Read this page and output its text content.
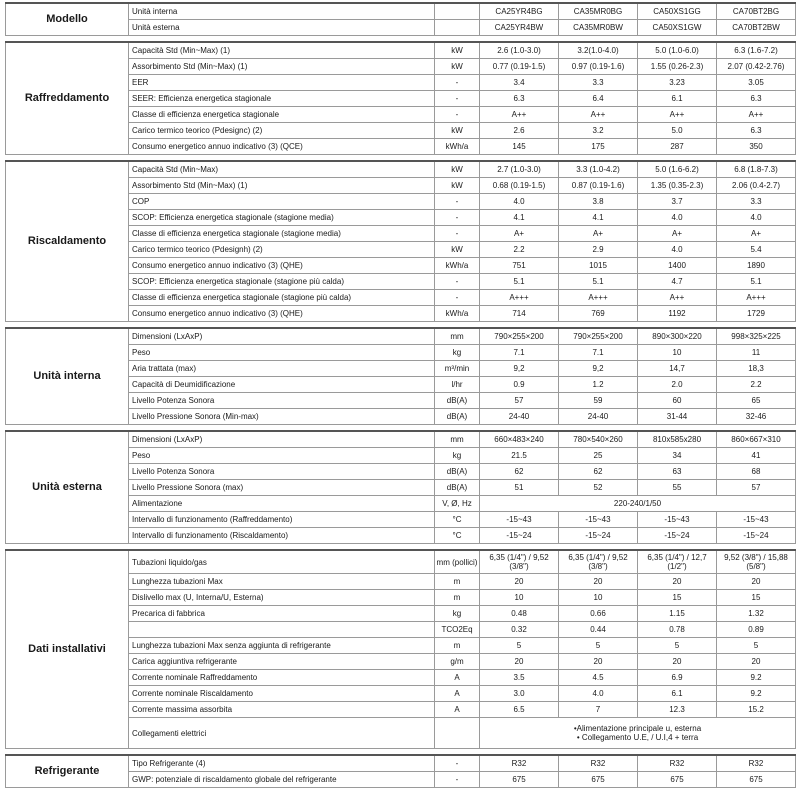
Modello	Unità interna		CA25YR4BG	CA35MR0BG	CA50XS1GG	CA70BT2BG
	Unità esterna		CA25YR4BW	CA35MR0BW	CA50XS1GW	CA70BT2BW

Raffreddamento	Capacità Std (Min~Max) (1)	kW	2.6 (1.0-3.0)	3.2(1.0-4.0)	5.0 (1.0-6.0)	6.3 (1.6-7.2)
	Assorbimento Std (Min~Max) (1)	kW	0.77 (0.19-1.5)	0.97 (0.19-1.6)	1.55 (0.26-2.3)	2.07 (0.42-2.76)
	EER	-	3.4	3.3	3.23	3.05
	SEER: Efficienza energetica stagionale	-	6.3	6.4	6.1	6.3
	Classe di efficienza energetica stagionale	-	A++	A++	A++	A++
	Carico termico teorico (Pdesignc) (2)	kW	2.6	3.2	5.0	6.3
	Consumo energetico annuo indicativo (3) (QCE)	kWh/a	145	175	287	350

Riscaldamento	Capacità Std (Min~Max)	kW	2.7 (1.0-3.0)	3.3 (1.0-4.2)	5.0 (1.6-6.2)	6.8 (1.8-7.3)
	Assorbimento Std (Min~Max) (1)	kW	0.68 (0.19-1.5)	0.87 (0.19-1.6)	1.35 (0.35-2.3)	2.06 (0.4-2.7)
	COP	-	4.0	3.8	3.7	3.3
	SCOP: Efficienza energetica stagionale (stagione media)	-	4.1	4.1	4.0	4.0
	Classe di efficienza energetica stagionale (stagione media)	-	A+	A+	A+	A+
	Carico termico teorico (Pdesignh) (2)	kW	2.2	2.9	4.0	5.4
	Consumo energetico annuo indicativo (3) (QHE)	kWh/a	751	1015	1400	1890
	SCOP: Efficienza energetica stagionale (stagione più calda)	-	5.1	5.1	4.7	5.1
	Classe di efficienza energetica stagionale (stagione più calda)	-	A+++	A+++	A++	A+++
	Consumo energetico annuo indicativo (3) (QHE)	kWh/a	714	769	1192	1729

Unità interna	Dimensioni (LxAxP)	mm	790×255×200	790×255×200	890×300×220	998×325×225
	Peso	kg	7.1	7.1	10	11
	Aria trattata (max)	m³/min	9,2	9,2	14,7	18,3
	Capacità di Deumidificazione	l/hr	0.9	1.2	2.0	2.2
	Livello Potenza Sonora	dB(A)	57	59	60	65
	Livello Pressione Sonora (Min-max)	dB(A)	24-40	24-40	31-44	32-46

Unità esterna	Dimensioni (LxAxP)	mm	660×483×240	780×540×260	810x585x280	860×667×310
	Peso	kg	21.5	25	34	41
	Livello Potenza Sonora	dB(A)	62	62	63	68
	Livello Pressione Sonora (max)	dB(A)	51	52	55	57
	Alimentazione	V, Ø, Hz	220-240/1/50			
	Intervallo di funzionamento (Raffreddamento)	°C	-15~43	-15~43	-15~43	-15~43
	Intervallo di funzionamento (Riscaldamento)	°C	-15~24	-15~24	-15~24	-15~24

Dati installativi	Tubazioni liquido/gas	mm (pollici)	6,35 (1/4") / 9,52 (3/8")	6,35 (1/4") / 9,52 (3/8")	6,35 (1/4") / 12,7 (1/2")	9,52 (3/8") / 15,88 (5/8")
	Lunghezza tubazioni Max	m	20	20	20	20
	Dislivello max (U, Interna/U, Esterna)	m	10	10	15	15
	Precarica di fabbrica	kg	0.48	0.66	1.15	1.32
		TCO2Eq	0.32	0.44	0.78	0.89
	Lunghezza tubazioni Max senza aggiunta di refrigerante	m	5	5	5	5
	Carica aggiuntiva refrigerante	g/m	20	20	20	20
	Corrente nominale Raffreddamento	A	3.5	4.5	6.9	9.2
	Corrente nominale Riscaldamento	A	3.0	4.0	6.1	9.2
	Corrente massima assorbita	A	6.5	7	12.3	15.2
	Collegamenti elettrici		•Alimentazione principale u, esterna
• Collegamento U.E, / U.I,4 + terra			

Refrigerante	Tipo Refrigerante (4)	-	R32	R32	R32	R32
	GWP: potenziale di riscaldamento globale del refrigerante	-	675	675	675	675
